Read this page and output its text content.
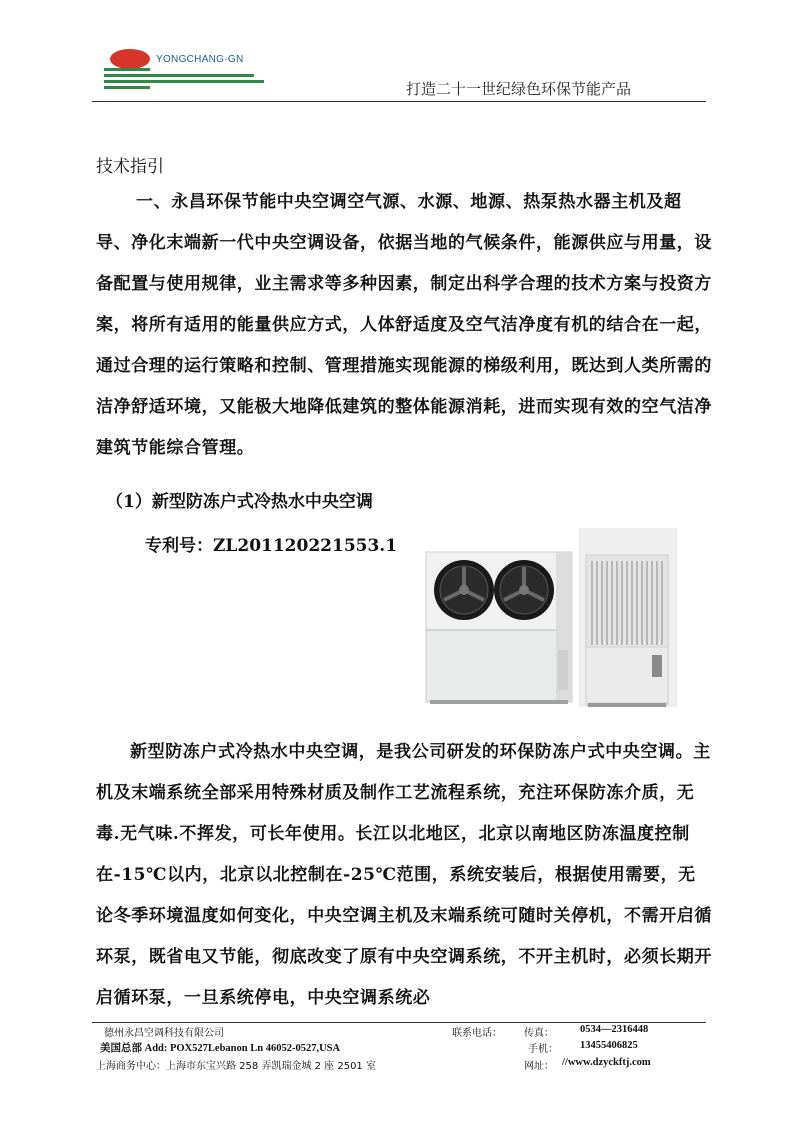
YONGCHANG·GN
打造二十一世纪绿色环保节能产品
技术指引

一、永昌环保节能中央空调空气源、水源、地源、热泵热水器主机及超导、净化末端新一代中央空调设备，依据当地的气候条件，能源供应与用量，设备配置与使用规律，业主需求等多种因素，制定出科学合理的技术方案与投资方案，将所有适用的能量供应方式，人体舒适度及空气洁净度有机的结合在一起，通过合理的运行策略和控制、管理措施实现能源的梯级利用，既达到人类所需的洁净舒适环境，又能极大地降低建筑的整体能源消耗，进而实现有效的空气洁净建筑节能综合管理。

（1）新型防冻户式冷热水中央空调
专利号：ZL201120221553.1

新型防冻户式冷热水中央空调，是我公司研发的环保防冻户式中央空调。主机及末端系统全部采用特殊材质及制作工艺流程系统，充注环保防冻介质，无毒.无气味.不挥发，可长年使用。长江以北地区，北京以南地区防冻温度控制在-15℃以内，北京以北控制在-25℃范围，系统安装后，根据使用需要，无论冬季环境温度如何变化，中央空调主机及末端系统可随时关停机，不需开启循环泵，既省电又节能，彻底改变了原有中央空调系统，不开主机时，必须长期开启循环泵，一旦系统停电，中央空调系统必

德州永昌空调科技有限公司
美国总部 Add: POX527Lebanon Ln 46052-0527,USA
上海商务中心：上海市东宝兴路 258 弄凯瑞金城 2 座 2501 室
联系电话： 传真： 0534—2316448
手机： 13455406825
网址： //www.dzyckftj.com
